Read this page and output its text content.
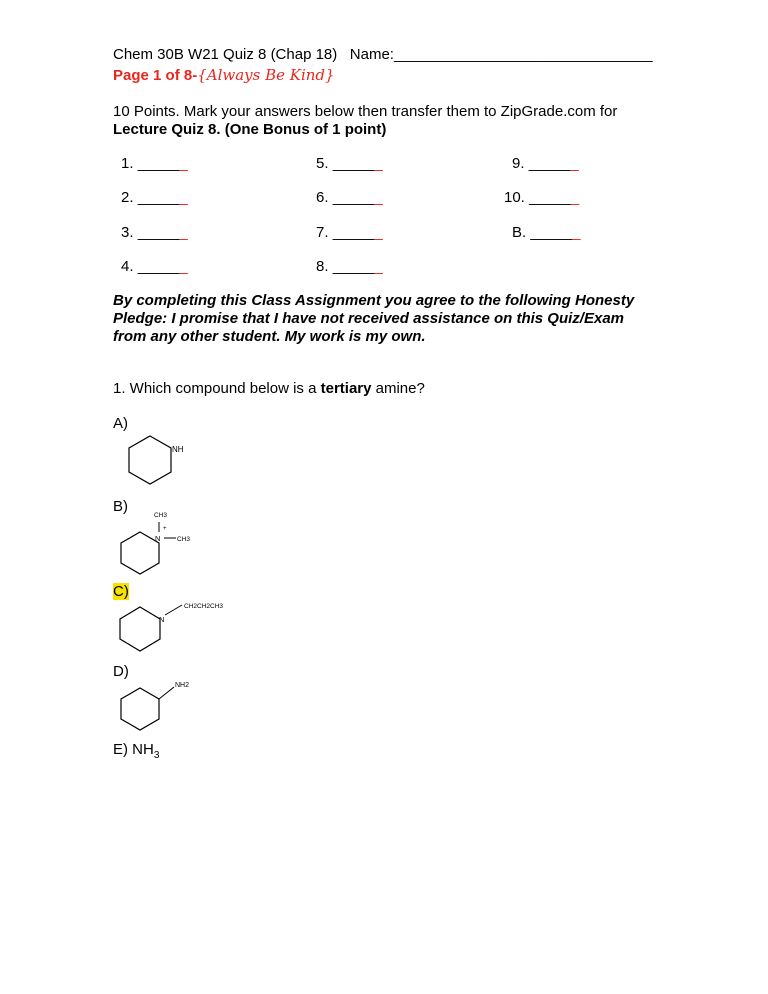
Chem 30B W21 Quiz 8 (Chap 18) Name:_______________________________
Page 1 of 8-{Always Be Kind}
10 Points. Mark your answers below then transfer them to ZipGrade.com for
Lecture Quiz 8. (One Bonus of 1 point)
1. ______
2. ______
3. ______
4. ______
5. ______
6. ______
7. ______
8. ______
9. ______
10. ______
B. ______
By completing this Class Assignment you agree to the following Honesty
Pledge: I promise that I have not received assistance on this Quiz/Exam
from any other student. My work is my own.
1. Which compound below is a tertiary amine?
A)
NH
B)
CH3
+
N	CH3
C)
N
CH2CH2CH3
D)
NH2
E) $NH_3$
